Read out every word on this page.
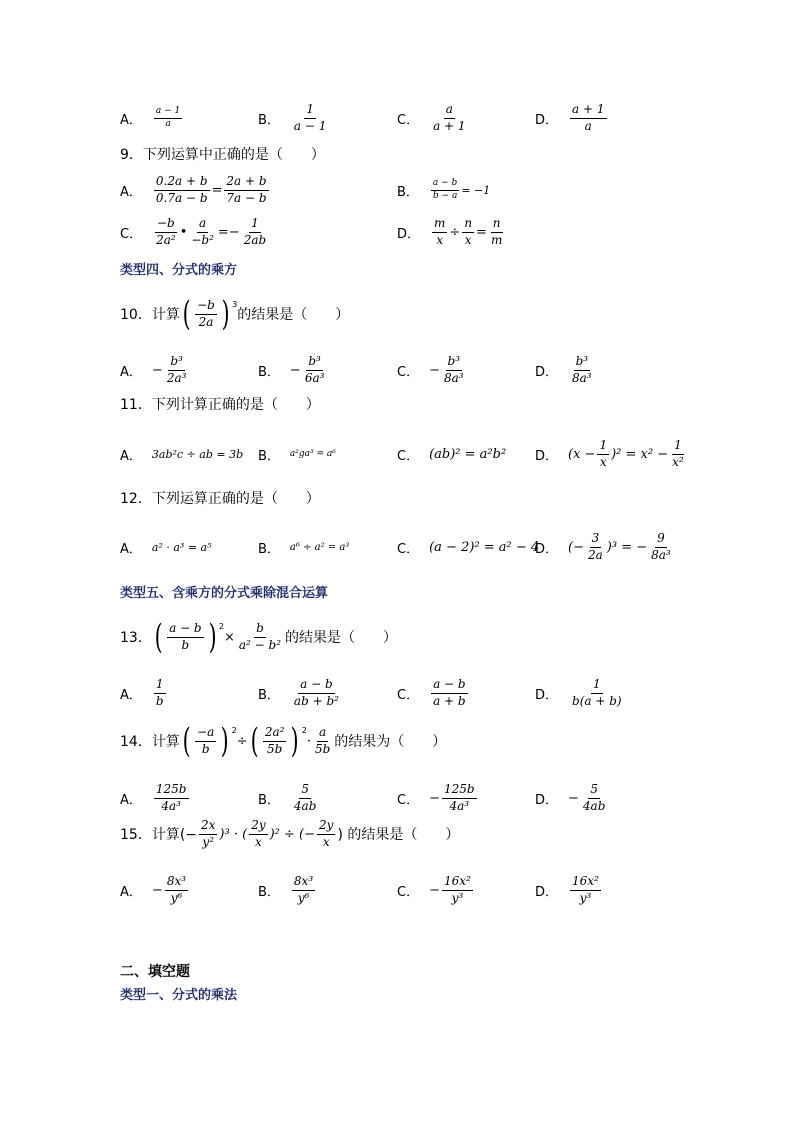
A． $\frac{a - 1}{a}$	B． $\frac{1}{a - 1}$	C． $\frac{a}{a + 1}$	D． $\frac{a + 1}{a}$
9．下列运算中正确的是（　　）
A． $\frac{0.2a + b}{0.7a - b} = \frac{2a + b}{7a - b}$	B． $\frac{a - b}{b - a} = -1$
C． $\frac{-b}{\text{2a²}}$ • $\frac{a}{\text{−b²}} =- \frac{1}{2ab}$	D． $\frac{m}{x} \div \frac{n}{x} = \frac{n}{m}$
类型四、分式的乘方
10．计算 ( $\frac{-b}{2a}$ ) $^3$
的结果是（　　）
A． − $\frac{\text{b³}}{\text{2a³}}$	B． − $\frac{\text{b³}}{\text{6a³}}$	C． − $\frac{\text{b³}}{\text{8a³}}$	D． $\frac{\text{b³}}{\text{8a³}}$
11．下列计算正确的是（　　）
A． 3ab²c ÷ ab = 3b B． a²ga³ = a⁶	C． (ab)² = a²b² D． $(x - \frac{1}{x} )^2 = x^2 - \frac{1}{\text{x²}}$
12．下列运算正确的是（　　）
A． a² · a³ = a⁵	B． a⁶ ÷ a² = a³	C． (a − 2)² = a² − 4
D． (− $\frac{3}{2a} )^3$ = − $\frac{9}{\text{8a³}}$
类型五、含乘方的分式乘除混合运算
13． ( $\frac{a - b}{b}$ ) $^2$
× $\frac{b}{\text{a² − b²}}$ 的结果是（　　）
A． $\frac{1}{b}$	B． $\frac{a - b}{\text{ab + b²}}$	C． $\frac{a - b}{a + b}$	D． $\frac{1}{b(a + b)}$
14．计算 ( $\frac{-a}{b}$ ) $^2$
÷ ( $\frac{\text{2a²}}{5b}$ ) $^2$
· $\frac{a}{5b}$ 的结果为（　　）
A． $\frac{125b}{\text{4a³}}$	B． $\frac{5}{4ab}$	C． − $\frac{125b}{\text{4a³}}$	D． − $\frac{5}{4ab}$
15．计算(− $\frac{2x}{\text{y²}} )^3$ · ( $\frac{2y}{x} )^2$ ÷ (− $\frac{2y}{x}$ ) 的结果是（　　）
A． − $\frac{\text{8x³}}{\text{y⁶}}$	B． $\frac{\text{8x³}}{\text{y⁶}}$	C． − $\frac{\text{16x²}}{\text{y³}}$	D． $\frac{\text{16x²}}{\text{y³}}$
二、填空题
类型一、分式的乘法
